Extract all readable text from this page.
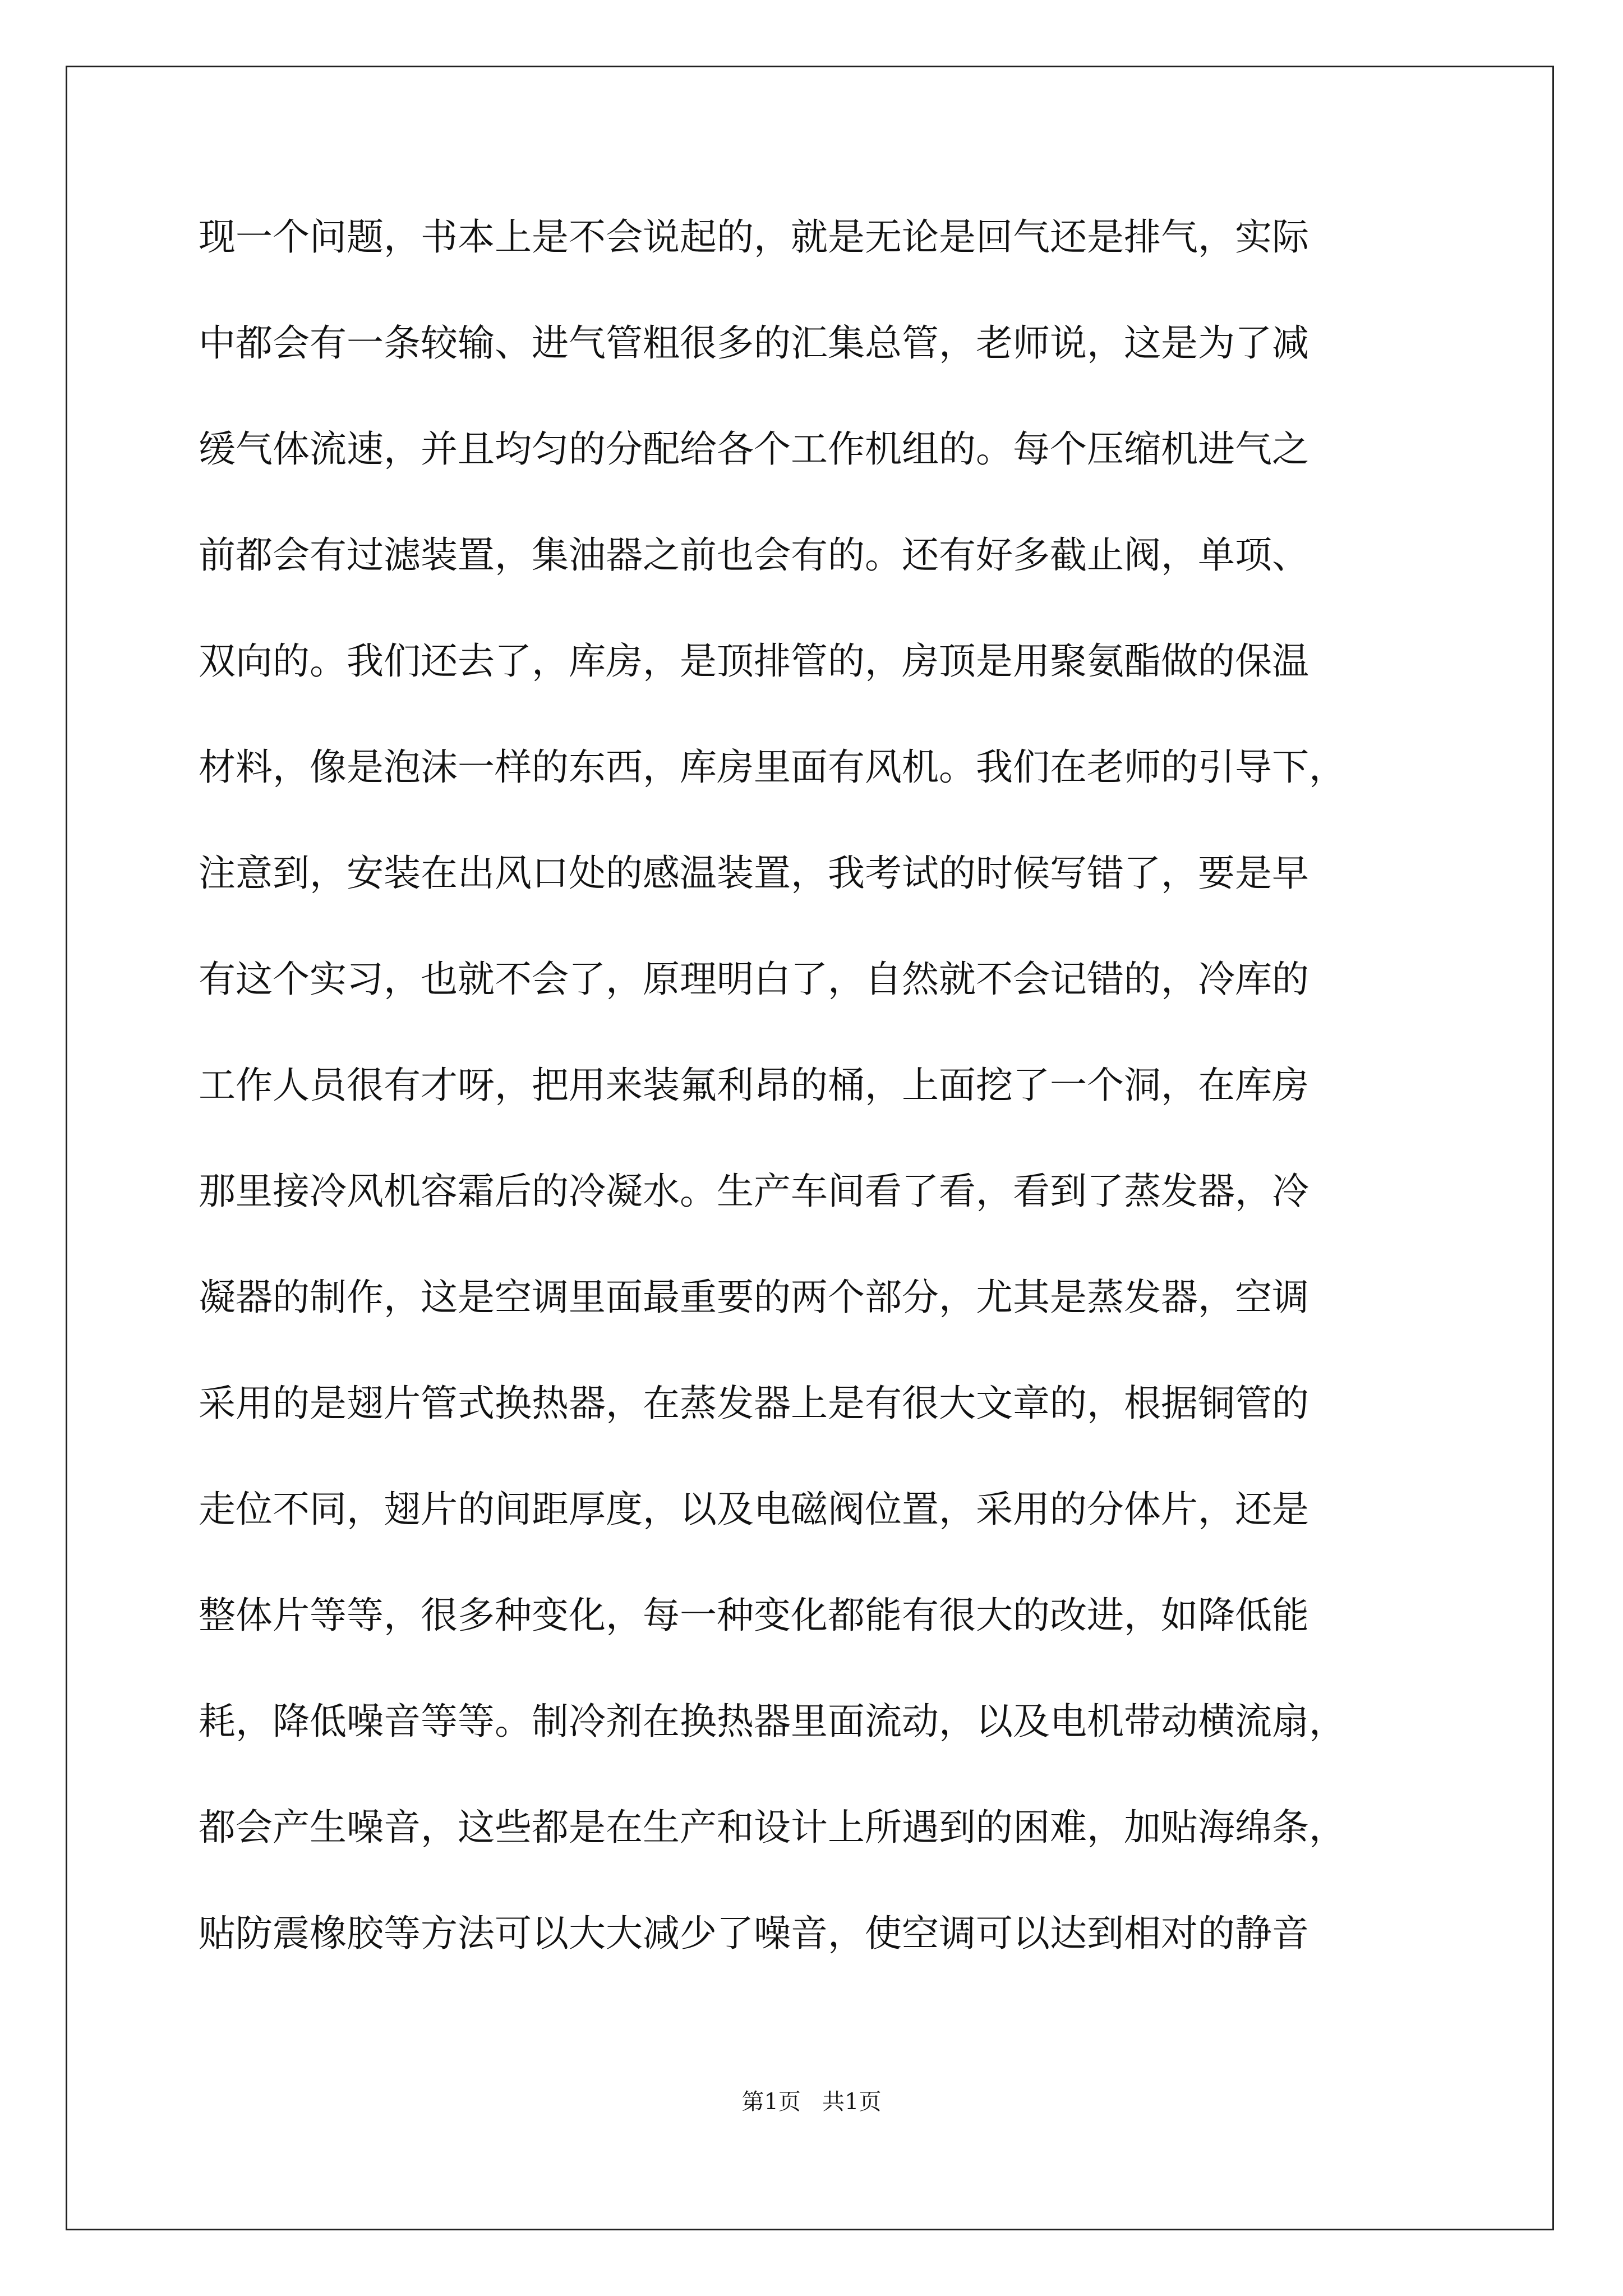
现一个问题，书本上是不会说起的，就是无论是回气还是排气，实际
中都会有一条较输、进气管粗很多的汇集总管，老师说，这是为了减
缓气体流速，并且均匀的分配给各个工作机组的。每个压缩机进气之
前都会有过滤装置，集油器之前也会有的。还有好多截止阀，单项、
双向的。我们还去了，库房，是顶排管的，房顶是用聚氨酯做的保温
材料，像是泡沫一样的东西，库房里面有风机。我们在老师的引导下，
注意到，安装在出风口处的感温装置，我考试的时候写错了，要是早
有这个实习，也就不会了，原理明白了，自然就不会记错的，冷库的
工作人员很有才呀，把用来装氟利昂的桶，上面挖了一个洞，在库房
那里接冷风机容霜后的冷凝水。生产车间看了看，看到了蒸发器，冷
凝器的制作，这是空调里面最重要的两个部分，尤其是蒸发器，空调
采用的是翅片管式换热器，在蒸发器上是有很大文章的，根据铜管的
走位不同，翅片的间距厚度，以及电磁阀位置，采用的分体片，还是
整体片等等，很多种变化，每一种变化都能有很大的改进，如降低能
耗，降低噪音等等。制冷剂在换热器里面流动，以及电机带动横流扇，
都会产生噪音，这些都是在生产和设计上所遇到的困难，加贴海绵条，
贴防震橡胶等方法可以大大减少了噪音，使空调可以达到相对的静音
第1页   共1页
